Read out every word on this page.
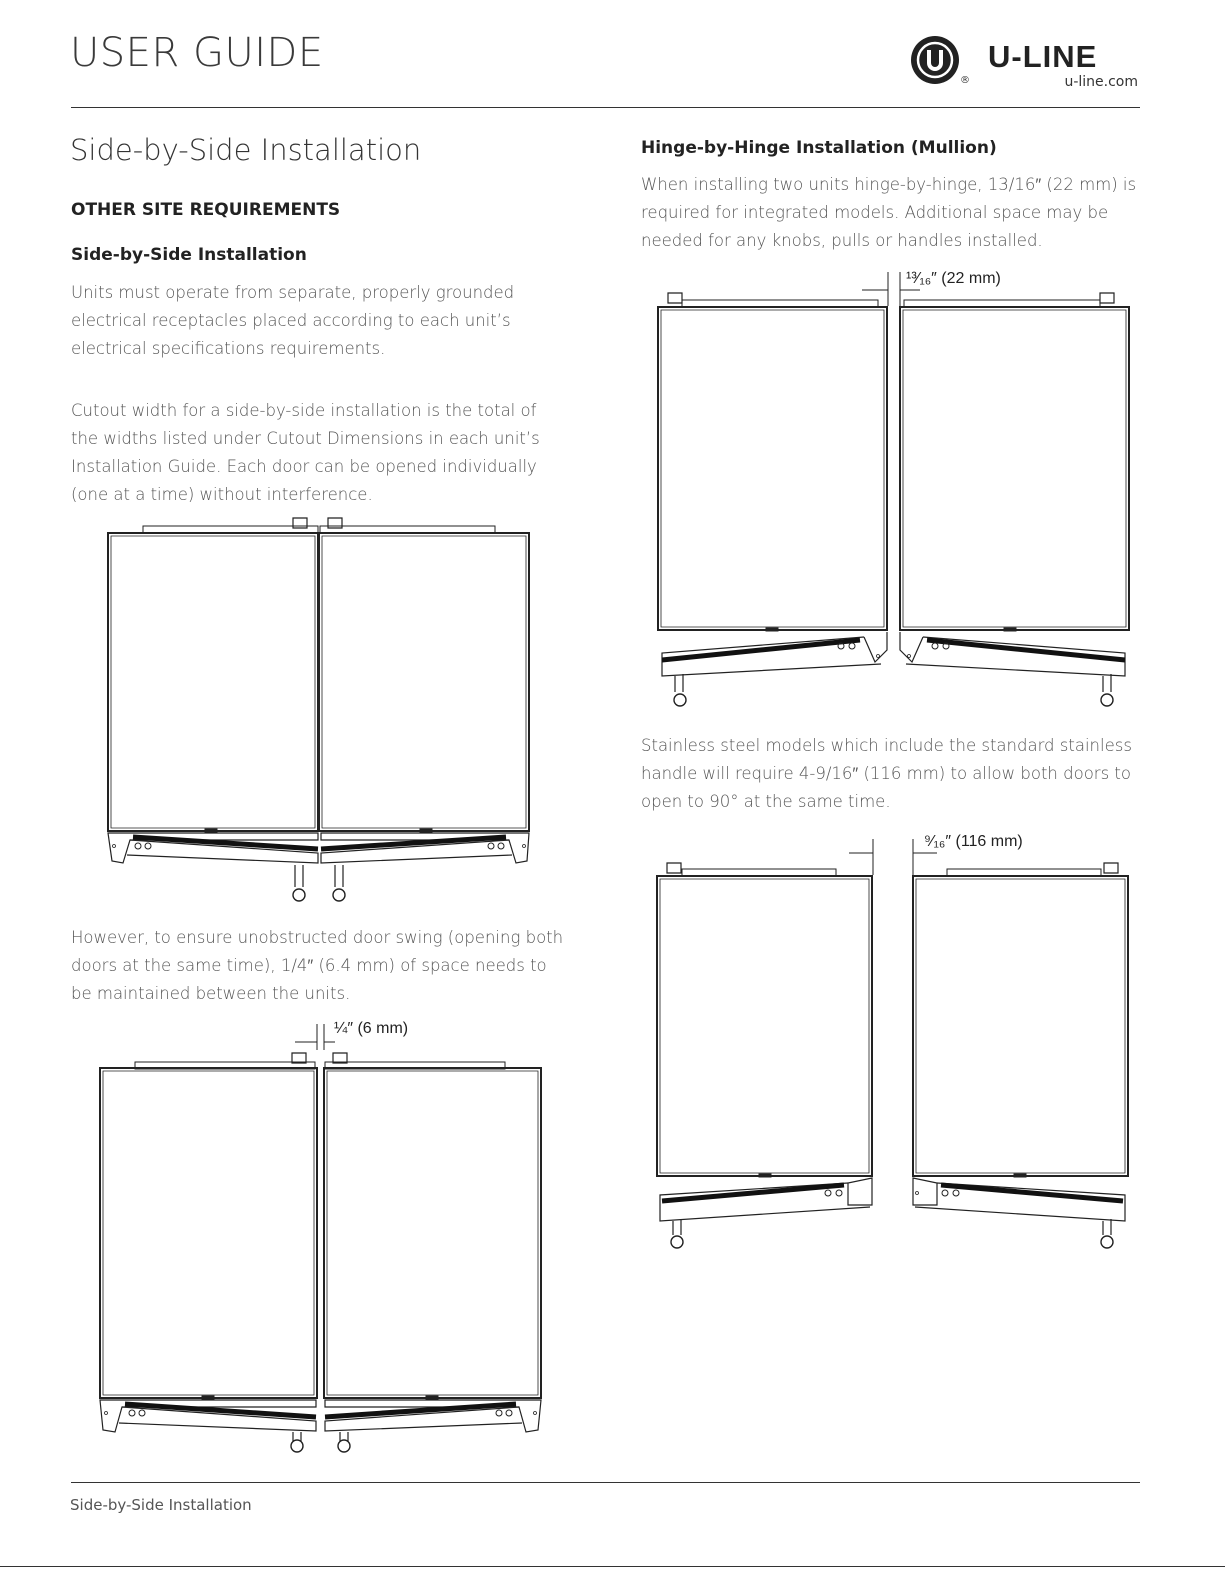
USER GUIDE
®
U-LINE
u-line.com
Side-by-Side Installation
OTHER SITE REQUIREMENTS
Side-by-Side Installation
Units must operate from separate, properly grounded electrical receptacles placed according to each unit’s electrical specifications requirements.
Cutout width for a side-by-side installation is the total of the widths listed under Cutout Dimensions in each unit’s Installation Guide. Each door can be opened individually (one at a time) without interference.
However, to ensure unobstructed door swing (opening both doors at the same time), 1/4″ (6.4 mm) of space needs to be maintained between the units.
¼″ (6 mm)
Hinge-by-Hinge Installation (Mullion)
When installing two units hinge-by-hinge, 13/16″ (22 mm) is required for integrated models. Additional space may be needed for any knobs, pulls or handles installed.
¹³⁄₁₆″ (22 mm)
Stainless steel models which include the standard stainless handle will require 4-9/16″ (116 mm) to allow both doors to open to 90° at the same time.
⁹⁄₁₆″ (116 mm)
Side-by-Side Installation
